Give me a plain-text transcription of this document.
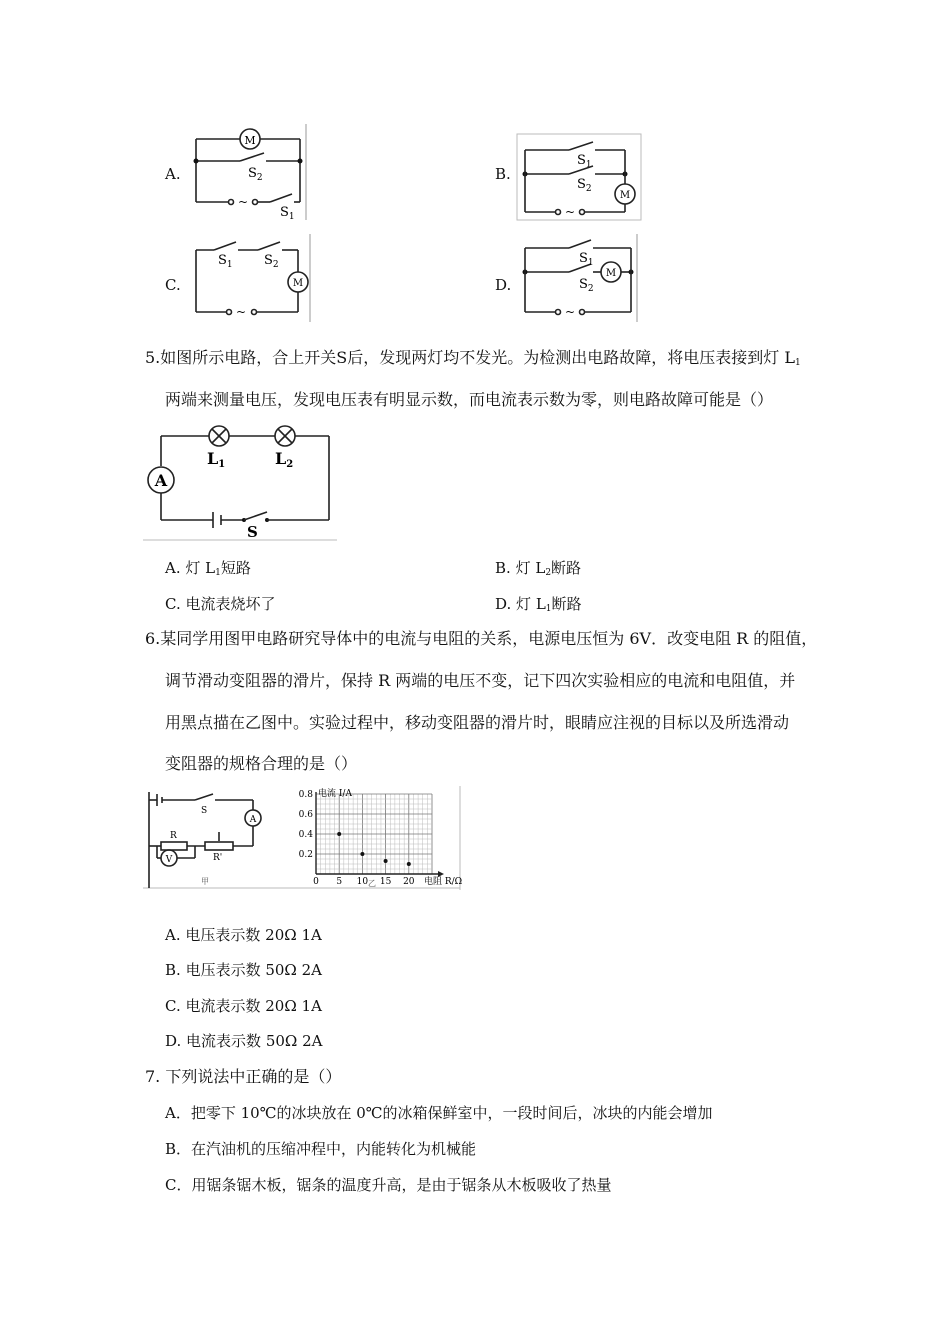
A.
M
$S_2$
~
$S_1$
B.
$S_1$
$S_2$
M
~
C.
$S_1$ $S_2$
M
~
D.
M
$S_1$
$S_2$
~
5.如图所示电路，合上开关S后，发现两灯均不发光。为检测出电路故障，将电压表接到灯 $L_1$
两端来测量电压，发现电压表有明显示数，而电流表示数为零，则电路故障可能是（）
L1	L2
A
S
A. 灯 $L_1$短路	B. 灯 $L_2$断路
C. 电流表烧坏了	D. 灯 $L_1$断路
6.某同学用图甲电路研究导体中的电流与电阻的关系，电源电压恒为 6V．改变电阻 R 的阻值，
调节滑动变阻器的滑片，保持 R 两端的电压不变，记下四次实验相应的电流和电阻值，并
用黑点描在乙图中。实验过程中，移动变阻器的滑片时，眼睛应注视的目标以及所选滑动
变阻器的规格合理的是（）
S
A
R
R'
V
甲
电流 I/A
电阻 R/Ω
乙
0 5 10 15 20
0.2
0.4
0.6
0.8
A. 电压表示数 20Ω 1A
B. 电压表示数 50Ω 2A
C. 电流表示数 20Ω 1A
D. 电流表示数 50Ω 2A
7. 下列说法中正确的是（）
A．把零下 10℃的冰块放在 0℃的冰箱保鲜室中，一段时间后，冰块的内能会增加
B．在汽油机的压缩冲程中，内能转化为机械能
C．用锯条锯木板，锯条的温度升高，是由于锯条从木板吸收了热量
